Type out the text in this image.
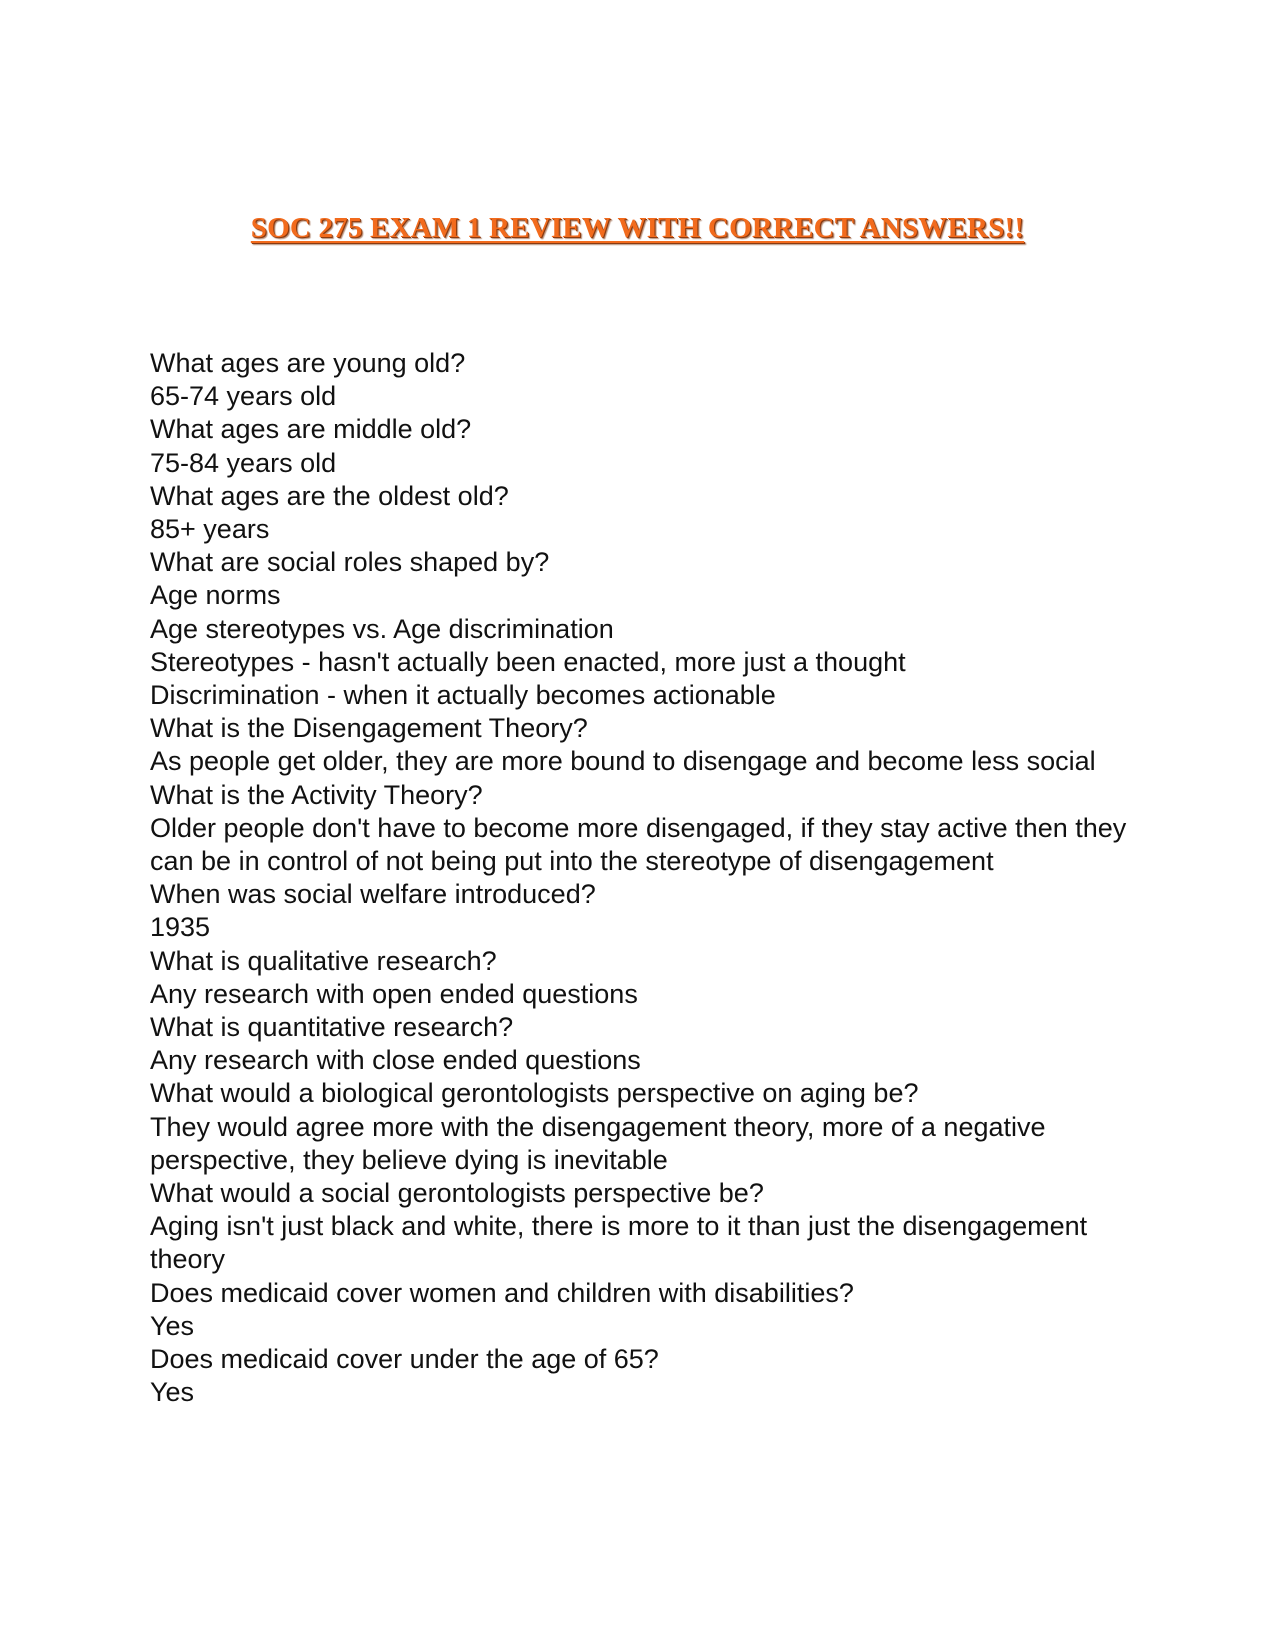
SOC 275 EXAM 1 REVIEW WITH CORRECT ANSWERS!!

What ages are young old?

65-74 years old

What ages are middle old?

75-84 years old

What ages are the oldest old?

85+ years

What are social roles shaped by?

Age norms

Age stereotypes vs. Age discrimination

Stereotypes - hasn't actually been enacted, more just a thought

Discrimination - when it actually becomes actionable

What is the Disengagement Theory?

As people get older, they are more bound to disengage and become less social

What is the Activity Theory?

Older people don't have to become more disengaged, if they stay active then they can be in control of not being put into the stereotype of disengagement

When was social welfare introduced?

1935

What is qualitative research?

Any research with open ended questions

What is quantitative research?

Any research with close ended questions

What would a biological gerontologists perspective on aging be?

They would agree more with the disengagement theory, more of a negative perspective, they believe dying is inevitable

What would a social gerontologists perspective be?

Aging isn't just black and white, there is more to it than just the disengagement theory

Does medicaid cover women and children with disabilities?

Yes

Does medicaid cover under the age of 65?

Yes
